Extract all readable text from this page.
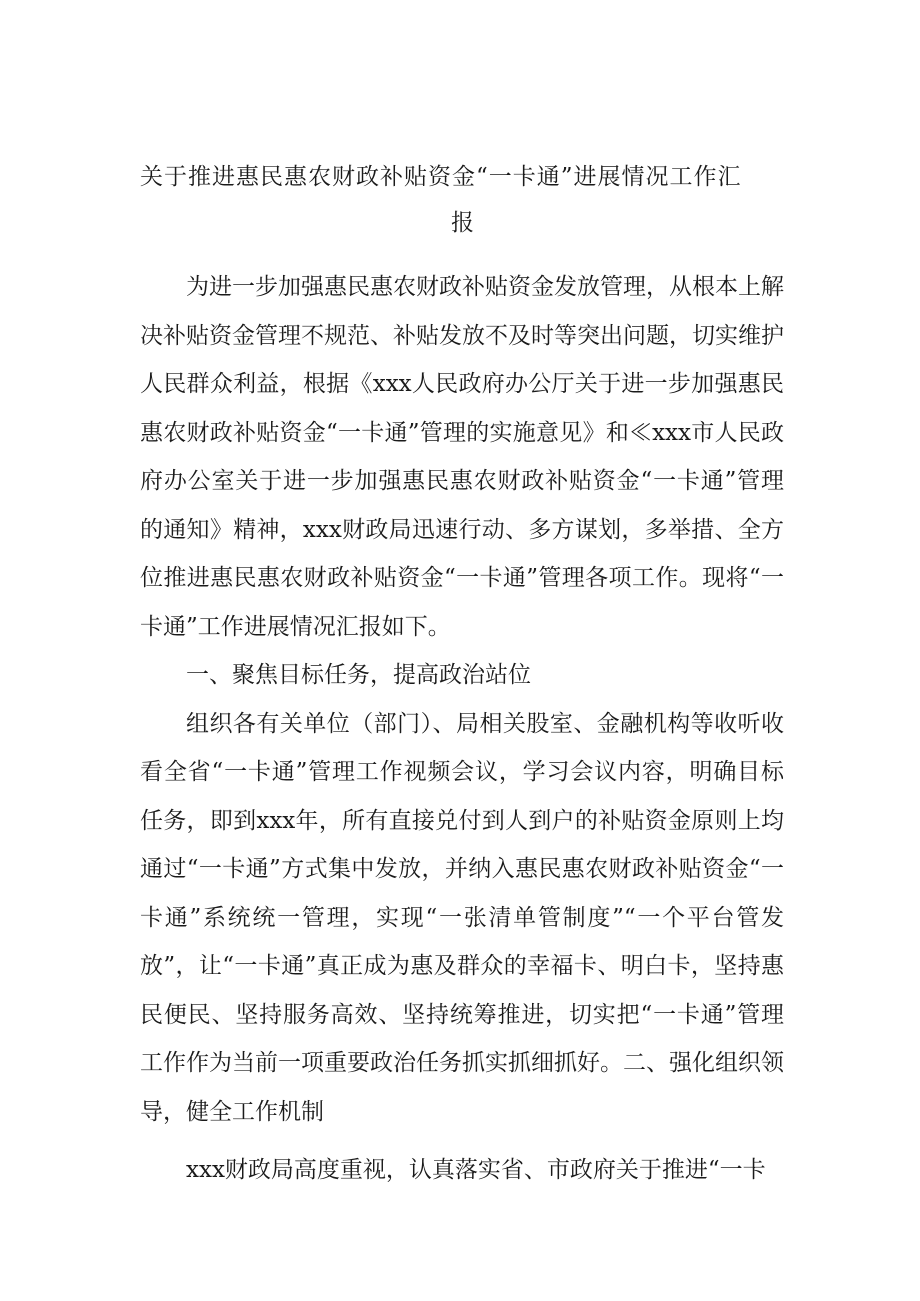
关于推进惠民惠农财政补贴资金“一卡通”进展情况工作汇
报

为进一步加强惠民惠农财政补贴资金发放管理，从根本上解决补贴资金管理不规范、补贴发放不及时等突出问题，切实维护人民群众利益，根据《xxx人民政府办公厅关于进一步加强惠民惠农财政补贴资金“一卡通”管理的实施意见》和≪xxx市人民政府办公室关于进一步加强惠民惠农财政补贴资金“一卡通”管理的通知》精神，xxx财政局迅速行动、多方谋划，多举措、全方位推进惠民惠农财政补贴资金“一卡通”管理各项工作。现将“一卡通”工作进展情况汇报如下。

一、聚焦目标任务，提高政治站位

组织各有关单位（部门）、局相关股室、金融机构等收听收看全省“一卡通”管理工作视频会议，学习会议内容，明确目标任务，即到xxx年，所有直接兑付到人到户的补贴资金原则上均通过“一卡通”方式集中发放，并纳入惠民惠农财政补贴资金“一卡通”系统统一管理，实现“一张清单管制度”“一个平台管发放”，让“一卡通”真正成为惠及群众的幸福卡、明白卡，坚持惠民便民、坚持服务高效、坚持统筹推进，切实把“一卡通”管理工作作为当前一项重要政治任务抓实抓细抓好。二、强化组织领导，健全工作机制

xxx财政局高度重视，认真落实省、市政府关于推进“一卡
